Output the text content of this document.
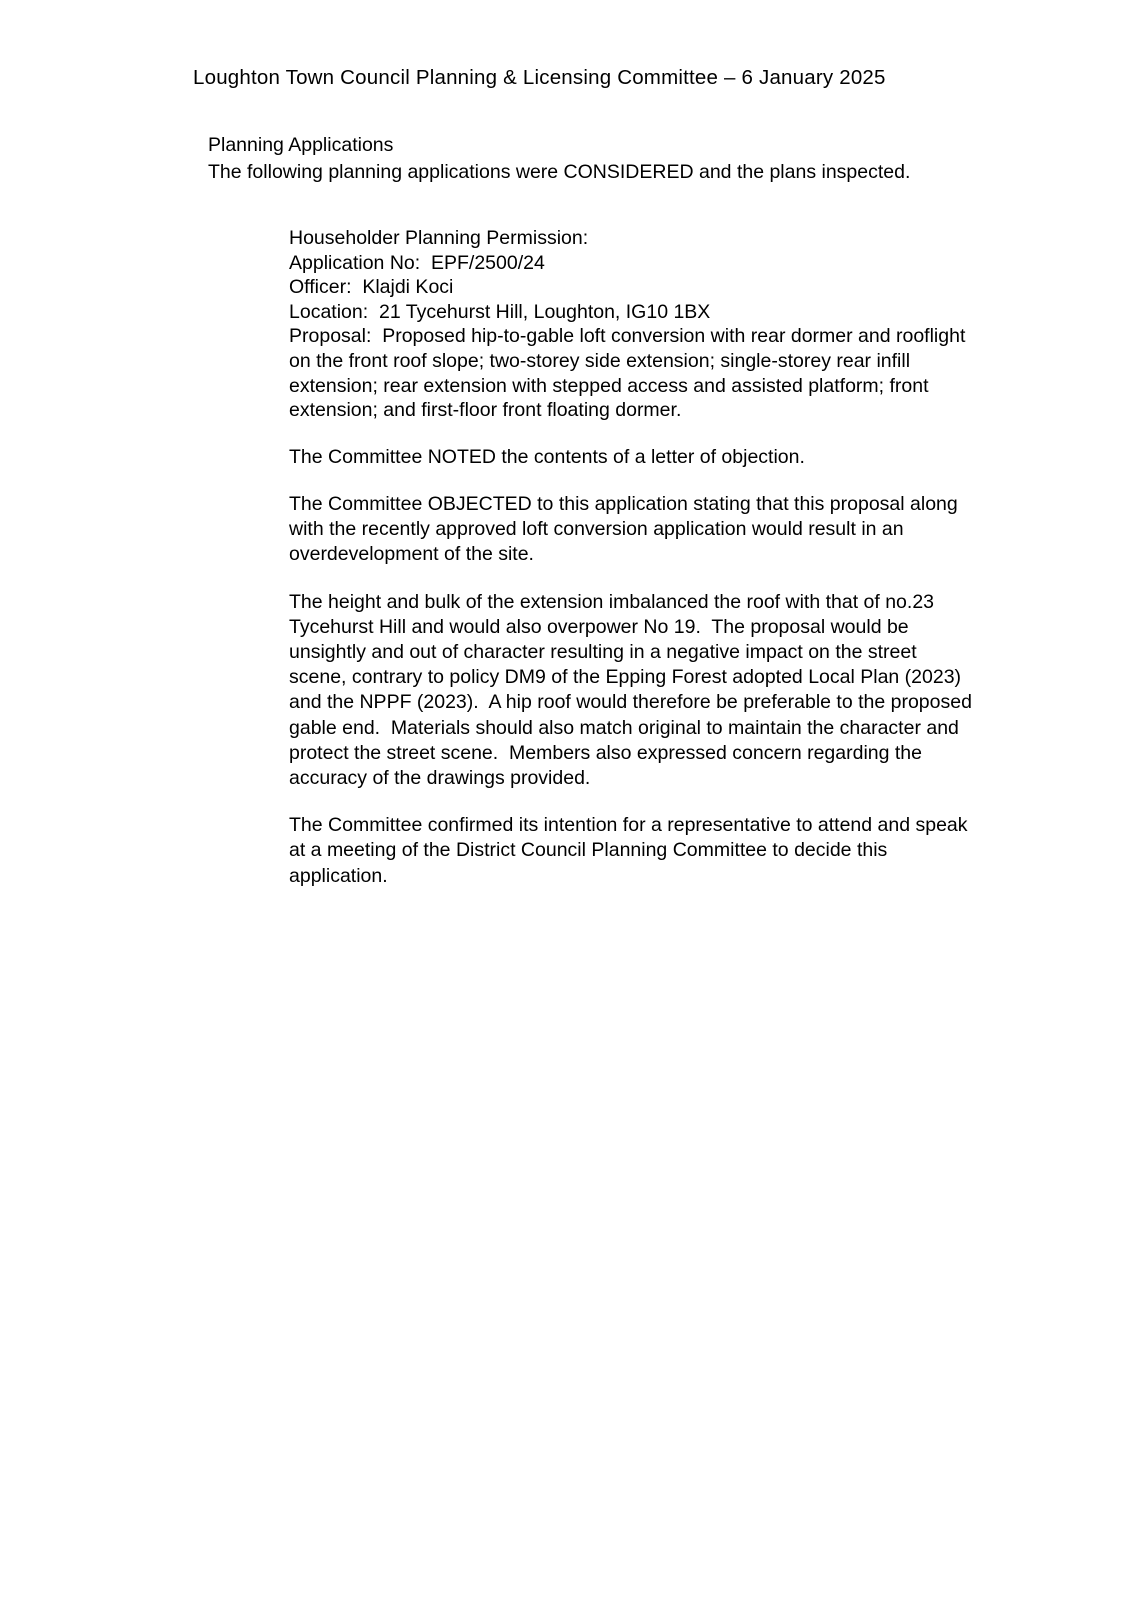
Loughton Town Council Planning & Licensing Committee – 6 January 2025
Planning Applications
The following planning applications were CONSIDERED and the plans inspected.
Householder Planning Permission:
Application No:  EPF/2500/24
Officer:  Klajdi Koci
Location:  21 Tycehurst Hill, Loughton, IG10 1BX
Proposal:  Proposed hip-to-gable loft conversion with rear dormer and rooflight on the front roof slope; two-storey side extension; single-storey rear infill extension; rear extension with stepped access and assisted platform; front extension; and first-floor front floating dormer.
The Committee NOTED the contents of a letter of objection.
The Committee OBJECTED to this application stating that this proposal along with the recently approved loft conversion application would result in an overdevelopment of the site.
The height and bulk of the extension imbalanced the roof with that of no.23 Tycehurst Hill and would also overpower No 19.  The proposal would be unsightly and out of character resulting in a negative impact on the street scene, contrary to policy DM9 of the Epping Forest adopted Local Plan (2023) and the NPPF (2023).  A hip roof would therefore be preferable to the proposed gable end.  Materials should also match original to maintain the character and protect the street scene.  Members also expressed concern regarding the accuracy of the drawings provided.
The Committee confirmed its intention for a representative to attend and speak at a meeting of the District Council Planning Committee to decide this application.
